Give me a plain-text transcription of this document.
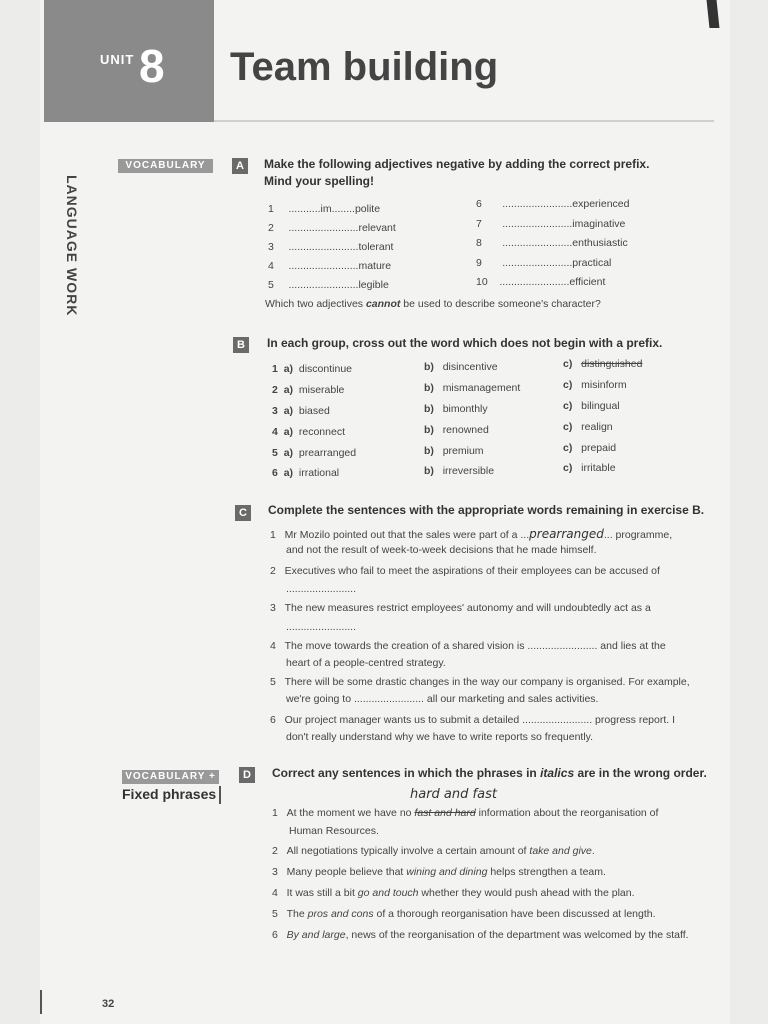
UNIT 8 Team building
LANGUAGE WORK
VOCABULARY	A	Make the following adjectives negative by adding the correct prefix.
Mind your spelling!
1 ...........im........polite
2 ........................relevant
3 ........................tolerant
4 ........................mature
5 ........................legible
6 ........................experienced
7 ........................imaginative
8 ........................enthusiastic
9 ........................practical
10 ........................efficient
Which two adjectives cannot be used to describe someone's character?
B	In each group, cross out the word which does not begin with a prefix.
1 a) discontinue	b) disincentive	c) distinguished
2 a) miserable	b) mismanagement	c) misinform
3 a) biased	b) bimonthly	c) bilingual
4 a) reconnect	b) renowned	c) realign
5 a) prearranged	b) premium	c) prepaid
6 a) irrational	b) irreversible	c) irritable
C	Complete the sentences with the appropriate words remaining in exercise B.
1   Mr Mozilo pointed out that the sales were part of a ...prearranged... programme,
and not the result of week-to-week decisions that he made himself.
2   Executives who fail to meet the aspirations of their employees can be accused of
........................
3   The new measures restrict employees' autonomy and will undoubtedly act as a
........................
4   The move towards the creation of a shared vision is ........................ and lies at the
heart of a people-centred strategy.
5   There will be some drastic changes in the way our company is organised. For example,
we're going to ........................ all our marketing and sales activities.
6   Our project manager wants us to submit a detailed ........................ progress report. I
don't really understand why we have to write reports so frequently.
VOCABULARY +
Fixed phrases
D	Correct any sentences in which the phrases in italics are in the wrong order.
hard and fast
1   At the moment we have no fast and hard information about the reorganisation of
Human Resources.
2   All negotiations typically involve a certain amount of take and give.
3   Many people believe that wining and dining helps strengthen a team.
4   It was still a bit go and touch whether they would push ahead with the plan.
5   The pros and cons of a thorough reorganisation have been discussed at length.
6   By and large, news of the reorganisation of the department was welcomed by the staff.
32
